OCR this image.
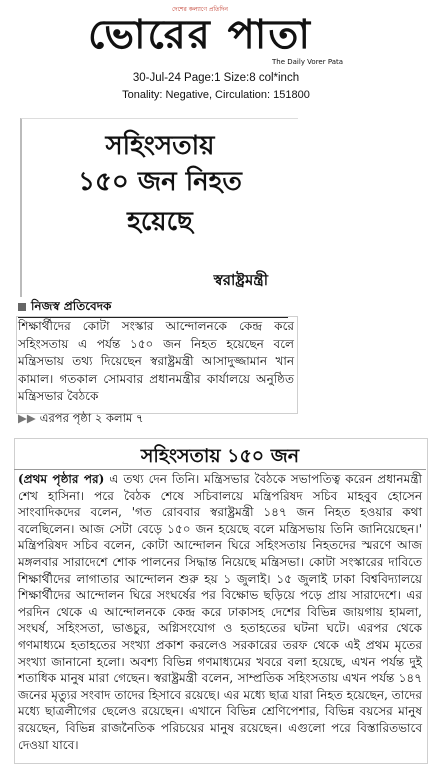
দেশের কল্যাণে প্রতিদিন
ভোরের পাতা
The Daily Vorer Pata
30-Jul-24 Page:1 Size:8 col*inch
Tonality: Negative, Circulation: 151800
সহিংসতায়
১৫০ জন নিহত
হয়েছে
স্বরাষ্ট্রমন্ত্রী
নিজস্ব প্রতিবেদক
শিক্ষার্থীদের কোটা সংস্কার আন্দোলনকে কেন্দ্র করে সহিংসতায় এ পর্যন্ত ১৫০ জন নিহত হয়েছেন বলে মন্ত্রিসভায় তথ্য দিয়েছেন স্বরাষ্ট্রমন্ত্রী আসাদুজ্জামান খান কামাল। গতকাল সোমবার প্রধানমন্ত্রীর কার্যালয়ে অনুষ্ঠিত মন্ত্রিসভার বৈঠকে
▶▶ এরপর পৃষ্ঠা ২ কলাম ৭
সহিংসতায় ১৫০ জন
(প্রথম পৃষ্ঠার পর) এ তথ্য দেন তিনি। মন্ত্রিসভার বৈঠকে সভাপতিত্ব করেন প্রধানমন্ত্রী শেখ হাসিনা। পরে বৈঠক শেষে সচিবালয়ে মন্ত্রিপরিষদ সচিব মাহবুব হোসেন সাংবাদিকদের বলেন, 'গত রোববার স্বরাষ্ট্রমন্ত্রী ১৪৭ জন নিহত হওয়ার কথা বলেছিলেন। আজ সেটা বেড়ে ১৫০ জন হয়েছে বলে মন্ত্রিসভায় তিনি জানিয়েছেন।' মন্ত্রিপরিষদ সচিব বলেন, কোটা আন্দোলন ঘিরে সহিংসতায় নিহতদের স্মরণে আজ মঙ্গলবার সারাদেশে শোক পালনের সিদ্ধান্ত নিয়েছে মন্ত্রিসভা। কোটা সংস্কারের দাবিতে শিক্ষার্থীদের লাগাতার আন্দোলন শুরু হয় ১ জুলাই। ১৫ জুলাই ঢাকা বিশ্ববিদ্যালয়ে শিক্ষার্থীদের আন্দোলন ঘিরে সংঘর্ষের পর বিক্ষোভ ছড়িয়ে পড়ে প্রায় সারাদেশে। এর পরদিন থেকে এ আন্দোলনকে কেন্দ্র করে ঢাকাসহ দেশের বিভিন্ন জায়গায় হামলা, সংঘর্ষ, সহিংসতা, ভাঙচুর, অগ্নিসংযোগ ও হতাহতের ঘটনা ঘটে। এরপর থেকে গণমাধ্যমে হতাহতের সংখ্যা প্রকাশ করলেও সরকারের তরফ থেকে এই প্রথম মৃতের সংখ্যা জানানো হলো। অবশ্য বিভিন্ন গণমাধ্যমের খবরে বলা হয়েছে, এখন পর্যন্ত দুই শতাধিক মানুষ মারা গেছেন। স্বরাষ্ট্রমন্ত্রী বলেন, সাম্প্রতিক সহিংসতায় এখন পর্যন্ত ১৪৭ জনের মৃত্যুর সংবাদ তাদের হিসাবে রয়েছে। এর মধ্যে ছাত্র যারা নিহত হয়েছেন, তাদের মধ্যে ছাত্রলীগের ছেলেও রয়েছেন। এখানে বিভিন্ন শ্রেণিপেশার, বিভিন্ন বয়সের মানুষ রয়েছেন, বিভিন্ন রাজনৈতিক পরিচয়ের মানুষ রয়েছেন। এগুলো পরে বিস্তারিতভাবে দেওয়া যাবে।
